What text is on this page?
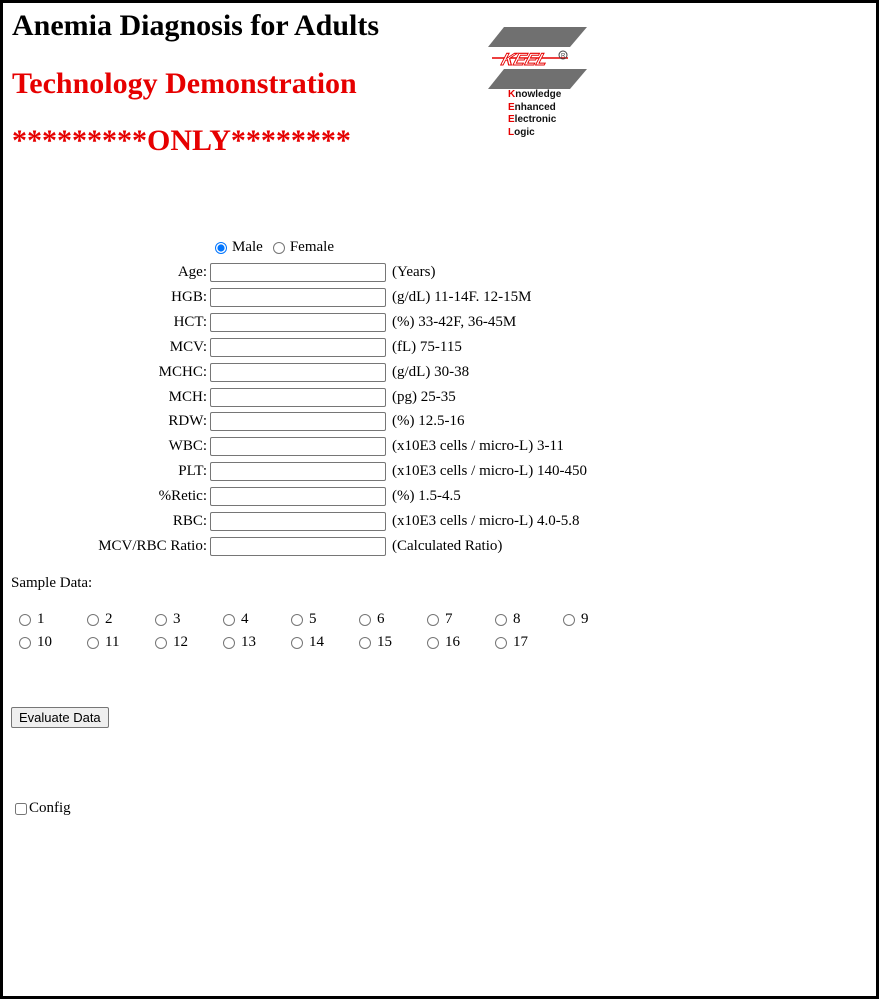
Anemia Diagnosis for Adults
Technology Demonstration
*********ONLY********
KEEL R
Knowledge
Enhanced
Electronic
Logic
Male Female
Age:	(Years)
HGB:	(g/dL) 11-14F. 12-15M
HCT:	(%) 33-42F, 36-45M
MCV:	(fL) 75-115
MCHC:	(g/dL) 30-38
MCH:	(pg) 25-35
RDW:	(%) 12.5-16
WBC:	(x10E3 cells / micro-L) 3-11
PLT:	(x10E3 cells / micro-L) 140-450
%Retic:	(%) 1.5-4.5
RBC:	(x10E3 cells / micro-L) 4.0-5.8
MCV/RBC Ratio:	(Calculated Ratio)
Sample Data:
1	2	3	4	5	6	7	8	9
10	11	12	13	14	15	16	17
Evaluate Data
Config
